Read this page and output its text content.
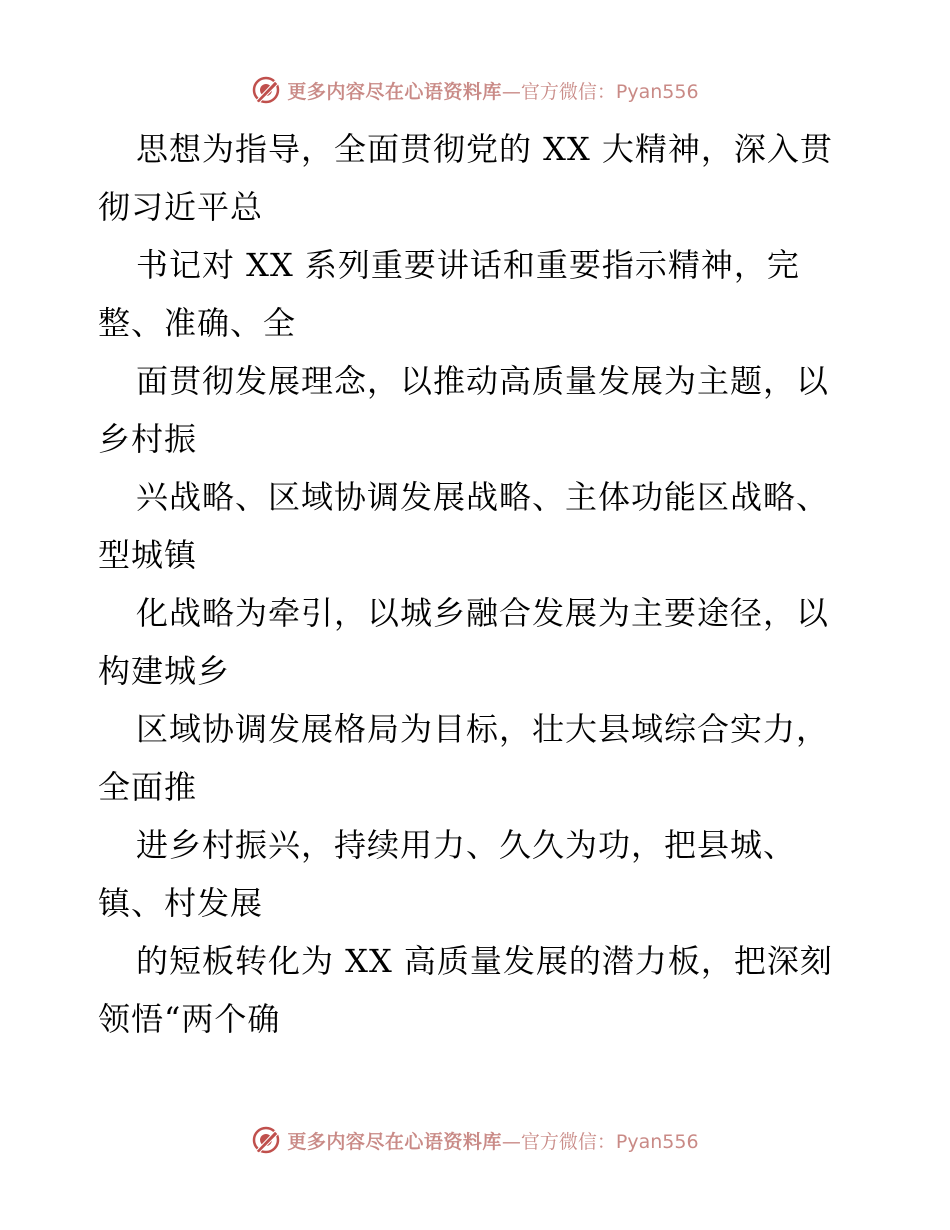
更多内容尽在心语资料库 —官方微信：Pyan556
思想为指导，全面贯彻党的 XX 大精神，深入贯
彻习近平总
书记对 XX 系列重要讲话和重要指示精神，完
整、准确、全
面贯彻发展理念，以推动高质量发展为主题，以
乡村振
兴战略、区域协调发展战略、主体功能区战略、
型城镇
化战略为牵引，以城乡融合发展为主要途径，以
构建城乡
区域协调发展格局为目标，壮大县域综合实力，
全面推
进乡村振兴，持续用力、久久为功，把县城、
镇、村发展
的短板转化为 XX 高质量发展的潜力板，把深刻
领悟“两个确
更多内容尽在心语资料库 —官方微信：Pyan556
